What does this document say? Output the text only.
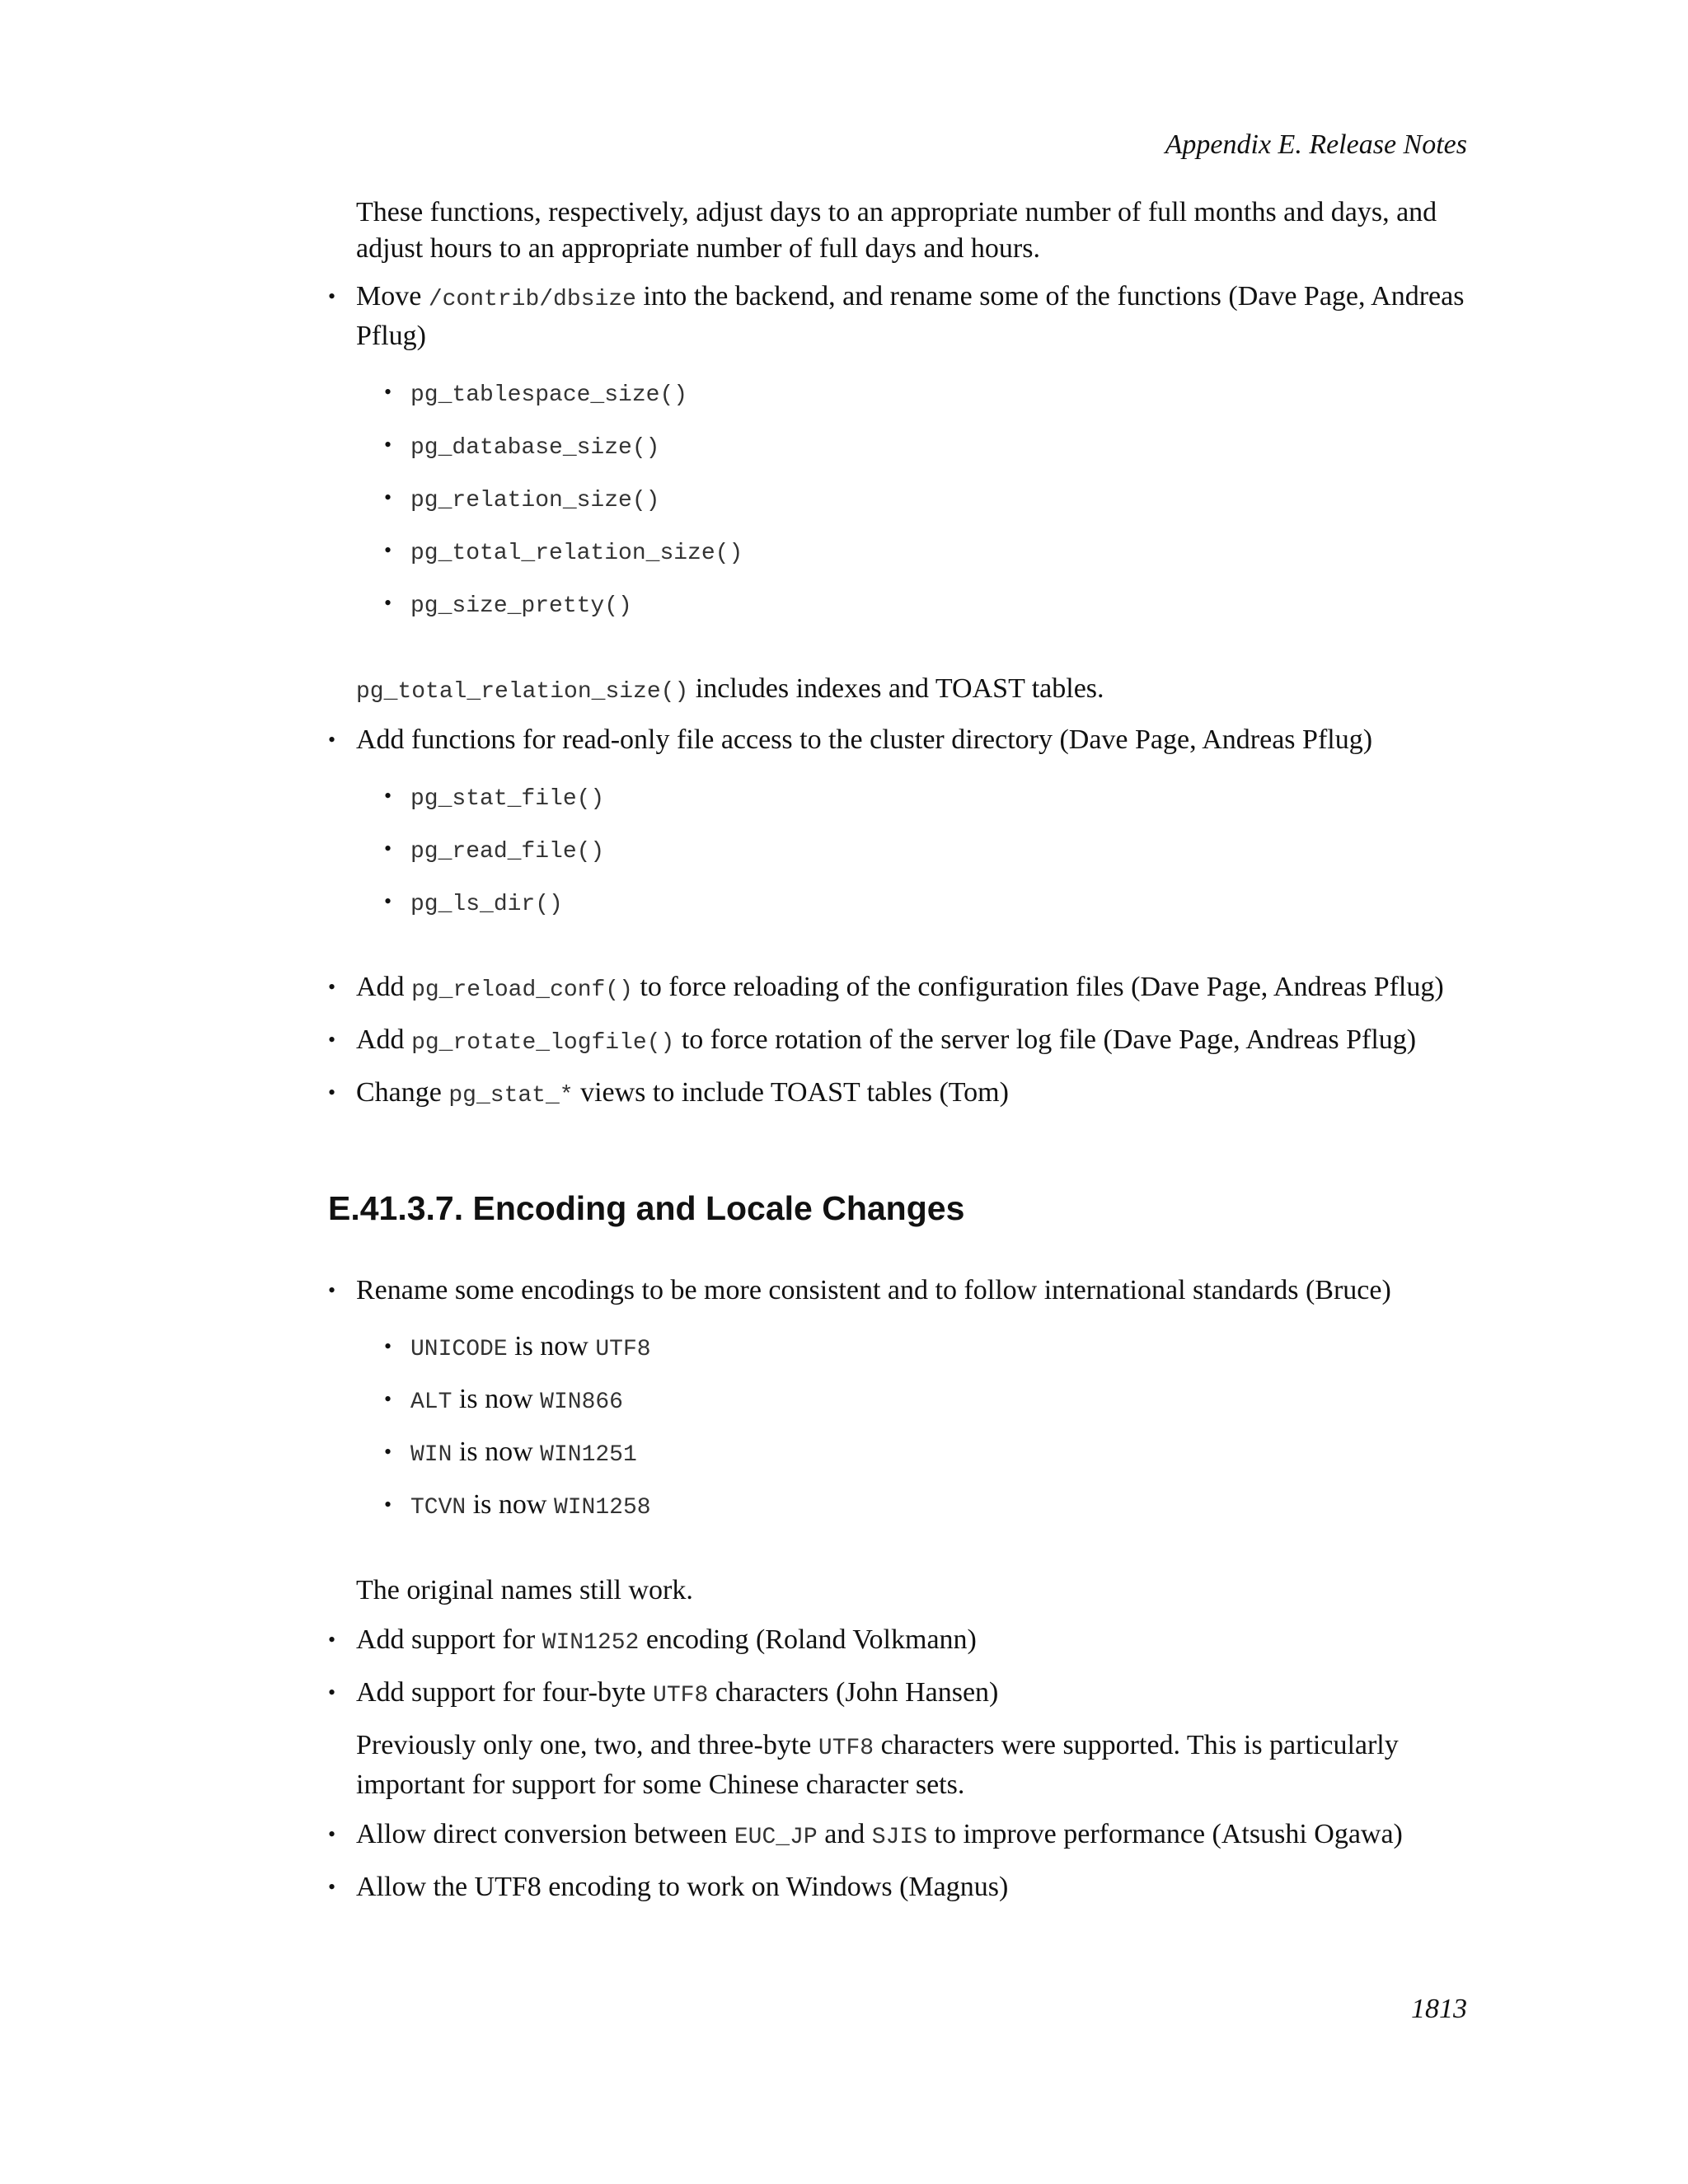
Appendix E. Release Notes

These functions, respectively, adjust days to an appropriate number of full months and days, and adjust hours to an appropriate number of full days and hours.

• Move /contrib/dbsize into the backend, and rename some of the functions (Dave Page, Andreas Pflug)
• pg_tablespace_size()
• pg_database_size()
• pg_relation_size()
• pg_total_relation_size()
• pg_size_pretty()

pg_total_relation_size() includes indexes and TOAST tables.

• Add functions for read-only file access to the cluster directory (Dave Page, Andreas Pflug)
• pg_stat_file()
• pg_read_file()
• pg_ls_dir()
• Add pg_reload_conf() to force reloading of the configuration files (Dave Page, Andreas Pflug)
• Add pg_rotate_logfile() to force rotation of the server log file (Dave Page, Andreas Pflug)
• Change pg_stat_* views to include TOAST tables (Tom)
E.41.3.7. Encoding and Locale Changes
• Rename some encodings to be more consistent and to follow international standards (Bruce)
• UNICODE is now UTF8
• ALT is now WIN866
• WIN is now WIN1251
• TCVN is now WIN1258

The original names still work.

• Add support for WIN1252 encoding (Roland Volkmann)
• Add support for four-byte UTF8 characters (John Hansen)

Previously only one, two, and three-byte UTF8 characters were supported. This is particularly important for support for some Chinese character sets.

• Allow direct conversion between EUC_JP and SJIS to improve performance (Atsushi Ogawa)
• Allow the UTF8 encoding to work on Windows (Magnus)
1813
